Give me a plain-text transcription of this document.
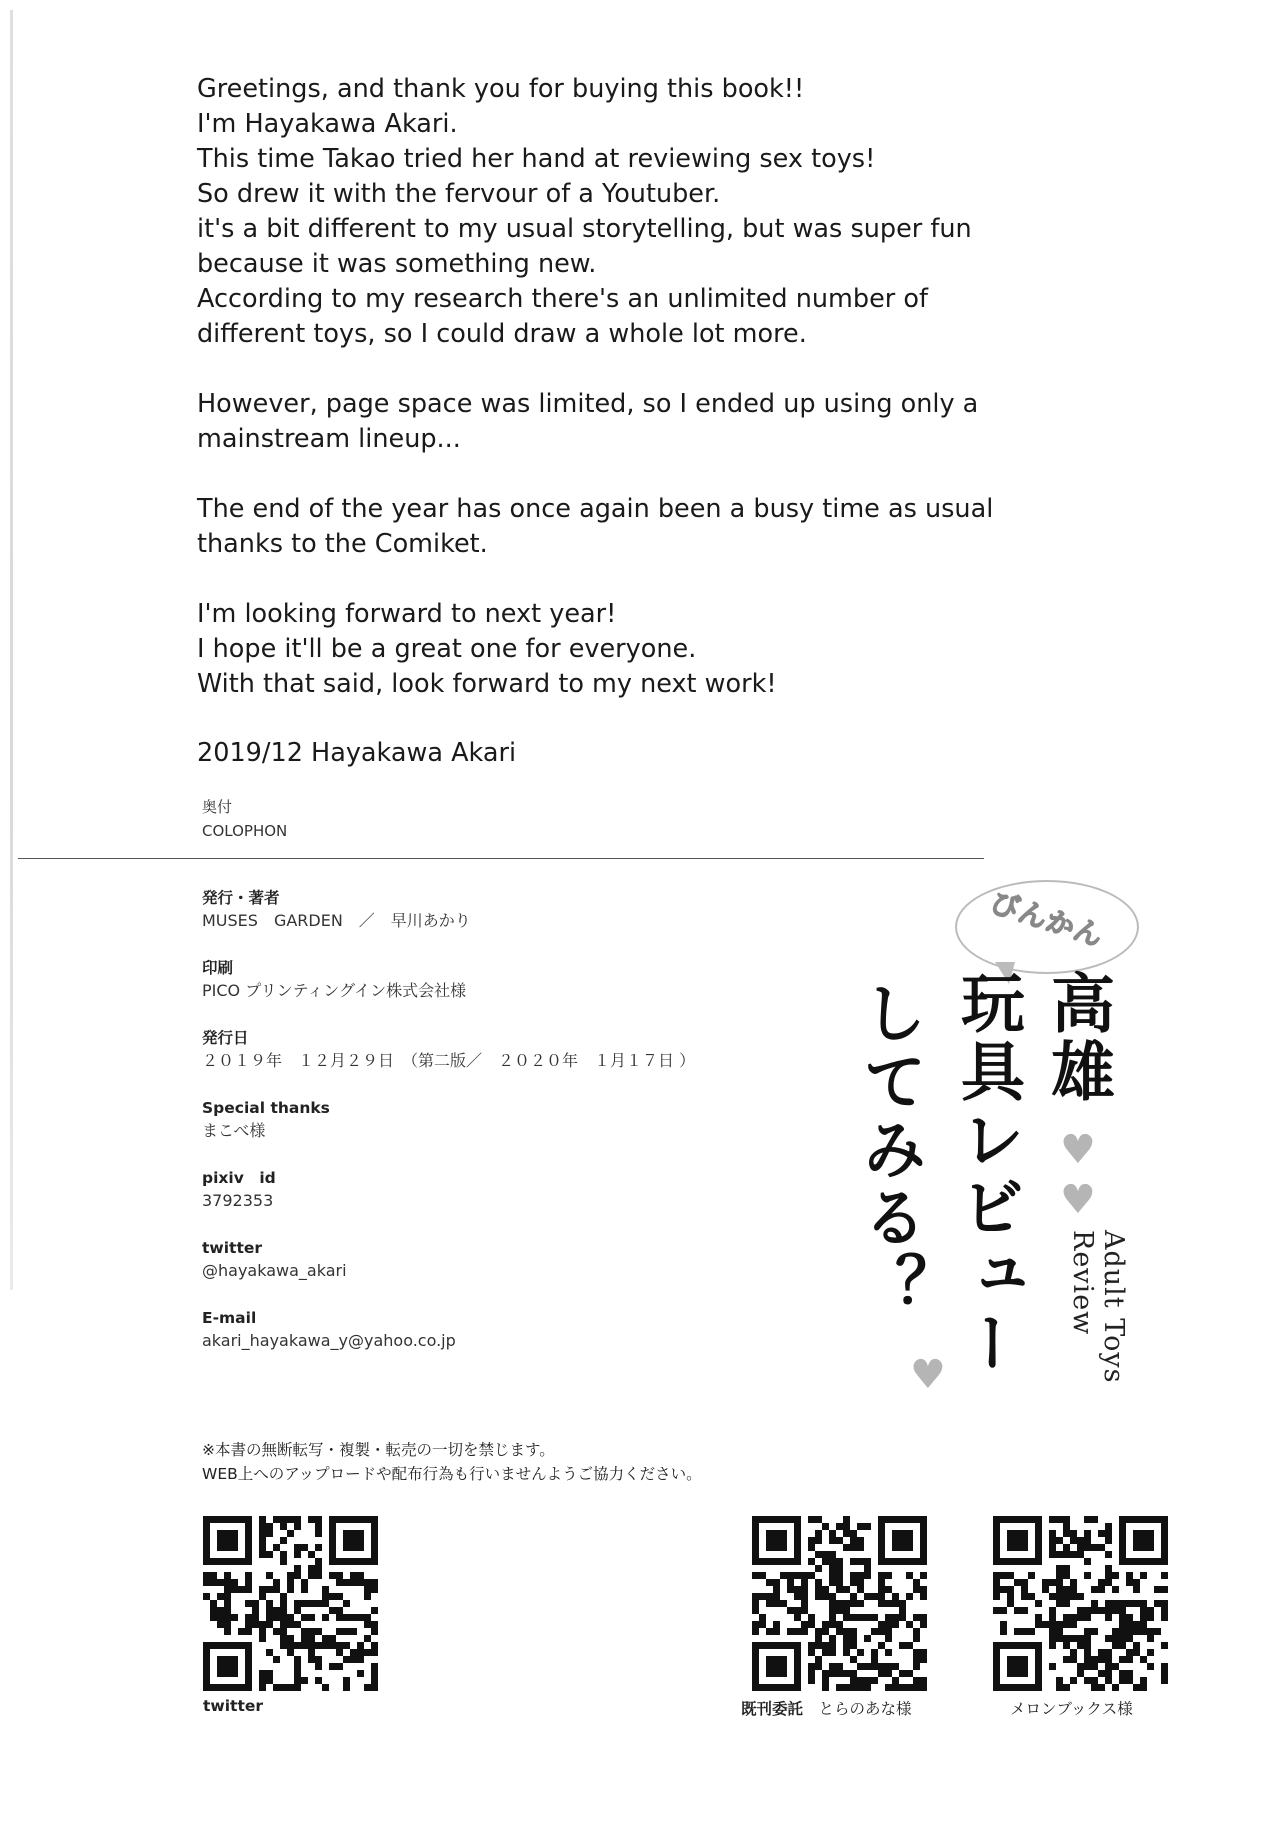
Greetings, and thank you for buying this book!!
I'm Hayakawa Akari.
This time Takao tried her hand at reviewing sex toys!
So drew it with the fervour of a Youtuber.
it's a bit different to my usual storytelling, but was super fun
because it was something new.
According to my research there's an unlimited number of
different toys, so I could draw a whole lot more.

However, page space was limited, so I ended up using only a
mainstream lineup...

The end of the year has once again been a busy time as usual
thanks to the Comiket.

I'm looking forward to next year!
I hope it'll be a great one for everyone.
With that said, look forward to my next work!

2019/12 Hayakawa Akari
奥付
COLOPHON
発行・著者
MUSES　GARDEN　／　早川あかり
印刷
PICO プリンティングイン株式会社様
発行日
２０１９年　１２月２９日　（第二版／　２０２０年　１月１７日 ）
Special thanks
まこべ様
pixiv　id
3792353
twitter
@hayakawa_akari
E-mail
akari_hayakawa_y@yahoo.co.jp
※本書の無断転写・複製・転売の一切を禁じます。
WEB上へのアップロードや配布行為も行いませんようご協力ください。
びんかん
高雄
玩具レビュー
してみる？	♥
♥
♥	Adult Toys Review
twitter	既刊委託　 とらのあな様	メロンブックス様
